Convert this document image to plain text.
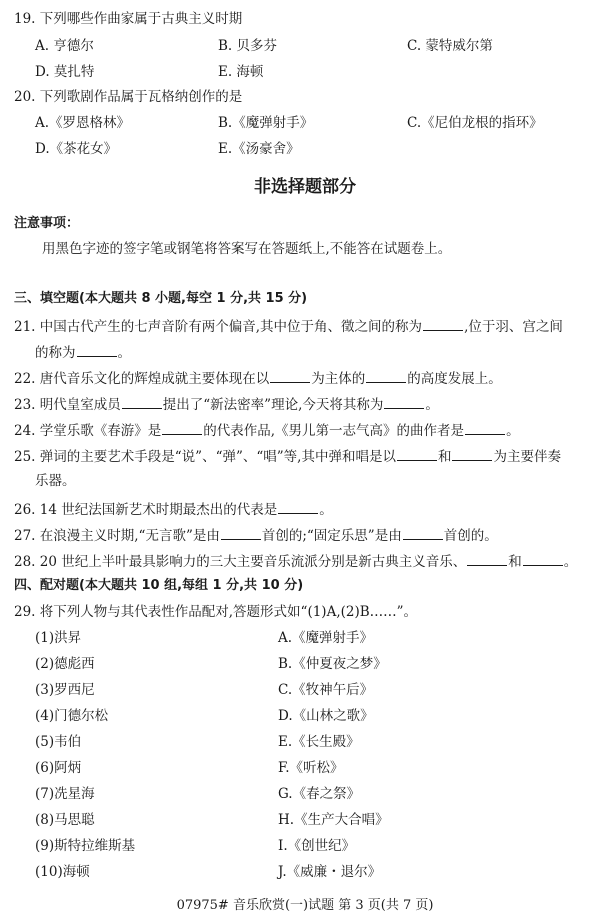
19. 下列哪些作曲家属于古典主义时期
A. 亨德尔	B. 贝多芬	C. 蒙特威尔第
D. 莫扎特	E. 海顿
20. 下列歌剧作品属于瓦格纳创作的是
A.《罗恩格林》	B.《魔弹射手》	C.《尼伯龙根的指环》
D.《茶花女》	E.《汤豪舍》
非选择题部分
注意事项：
用黑色字迹的签字笔或钢笔将答案写在答题纸上,不能答在试题卷上。
三、填空题(本大题共 8 小题,每空 1 分,共 15 分)
21. 中国古代产生的七声音阶有两个偏音,其中位于角、徵之间的称为	,位于羽、宫之间
的称为	。
22. 唐代音乐文化的辉煌成就主要体现在以	为主体的	的高度发展上。
23. 明代皇室成员	提出了“新法密率”理论,今天将其称为	。
24. 学堂乐歌《春游》是	的代表作品,《男儿第一志气高》的曲作者是	。
25. 弹词的主要艺术手段是“说”、“弹”、“唱”等,其中弹和唱是以	和	为主要伴奏
乐器。
26. 14 世纪法国新艺术时期最杰出的代表是	。
27. 在浪漫主义时期,“无言歌”是由	首创的;“固定乐思”是由	首创的。
28. 20 世纪上半叶最具影响力的三大主要音乐流派分别是新古典主义音乐、	和	。
四、配对题(本大题共 10 组,每组 1 分,共 10 分)
29. 将下列人物与其代表性作品配对,答题形式如“(1)A,(2)B……”。
(1)洪昇	A.《魔弹射手》
(2)德彪西	B.《仲夏夜之梦》
(3)罗西尼	C.《牧神午后》
(4)门德尔松	D.《山林之歌》
(5)韦伯	E.《长生殿》
(6)阿炳	F.《听松》
(7)冼星海	G.《春之祭》
(8)马思聪	H.《生产大合唱》
(9)斯特拉维斯基	I.《创世纪》
(10)海顿	J.《威廉・退尔》
07975# 音乐欣赏(一)试题 第 3 页(共 7 页)
